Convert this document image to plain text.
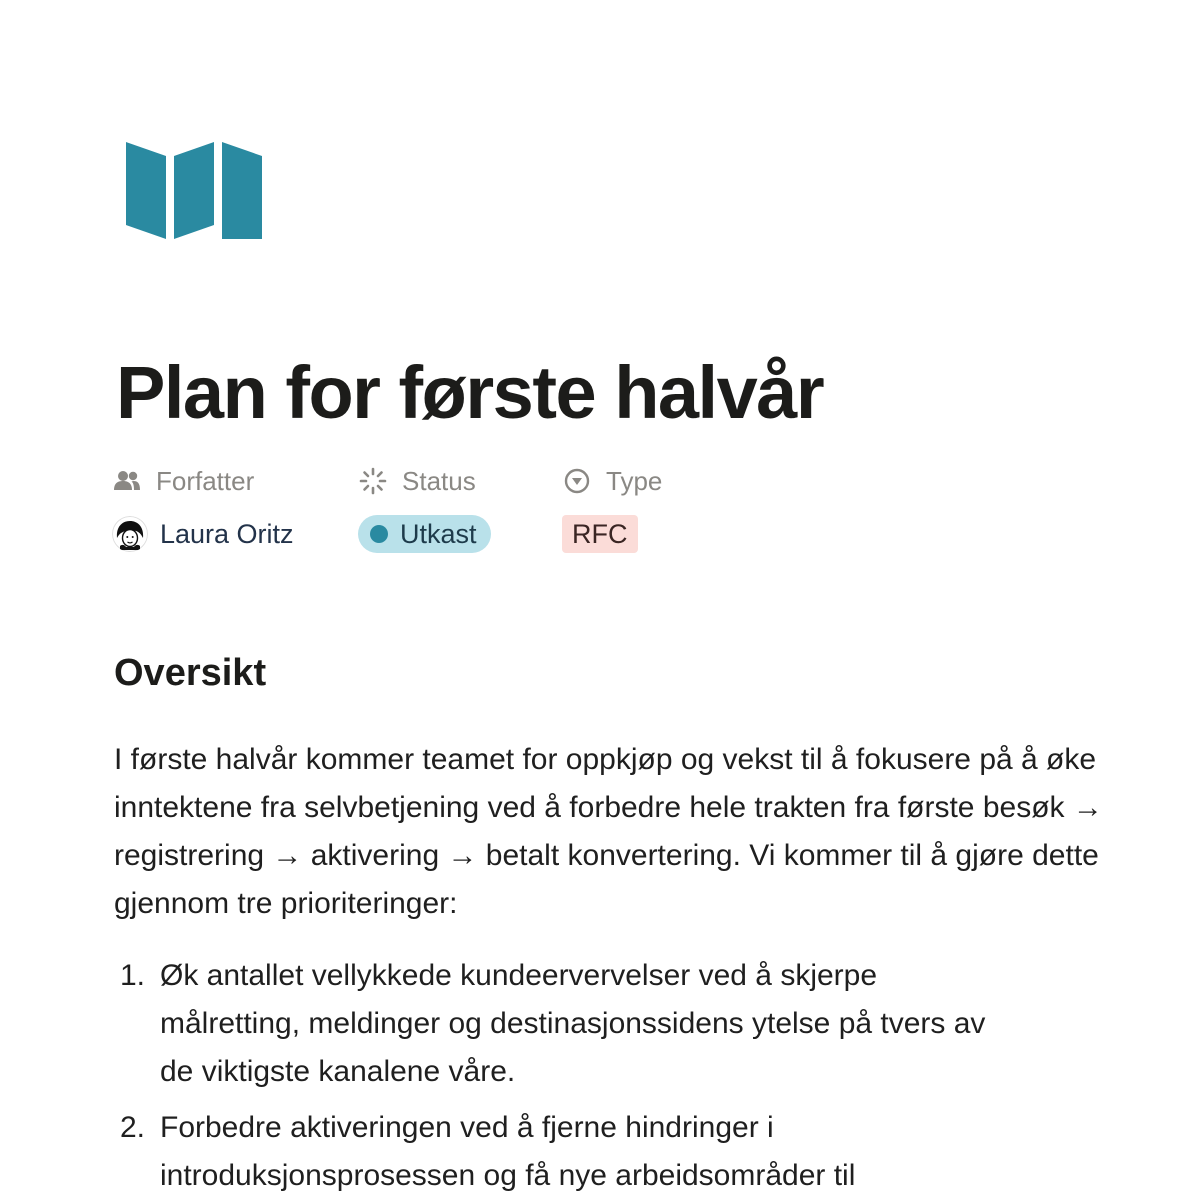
Plan for første halvår
Forfatter
Laura Oritz
Status
Utkast
Type
RFC
Oversikt

I første halvår kommer teamet for oppkjøp og vekst til å fokusere på å øke inntektene fra selvbetjening ved å forbedre hele trakten fra første besøk → registrering → aktivering → betalt konvertering. Vi kommer til å gjøre dette gjennom tre prioriteringer:

1. Øk antallet vellykkede kundeervervelser ved å skjerpe målretting, meldinger og destinasjonssidens ytelse på tvers av de viktigste kanalene våre.
2. Forbedre aktiveringen ved å fjerne hindringer i introduksjonsprosessen og få nye arbeidsområder til
